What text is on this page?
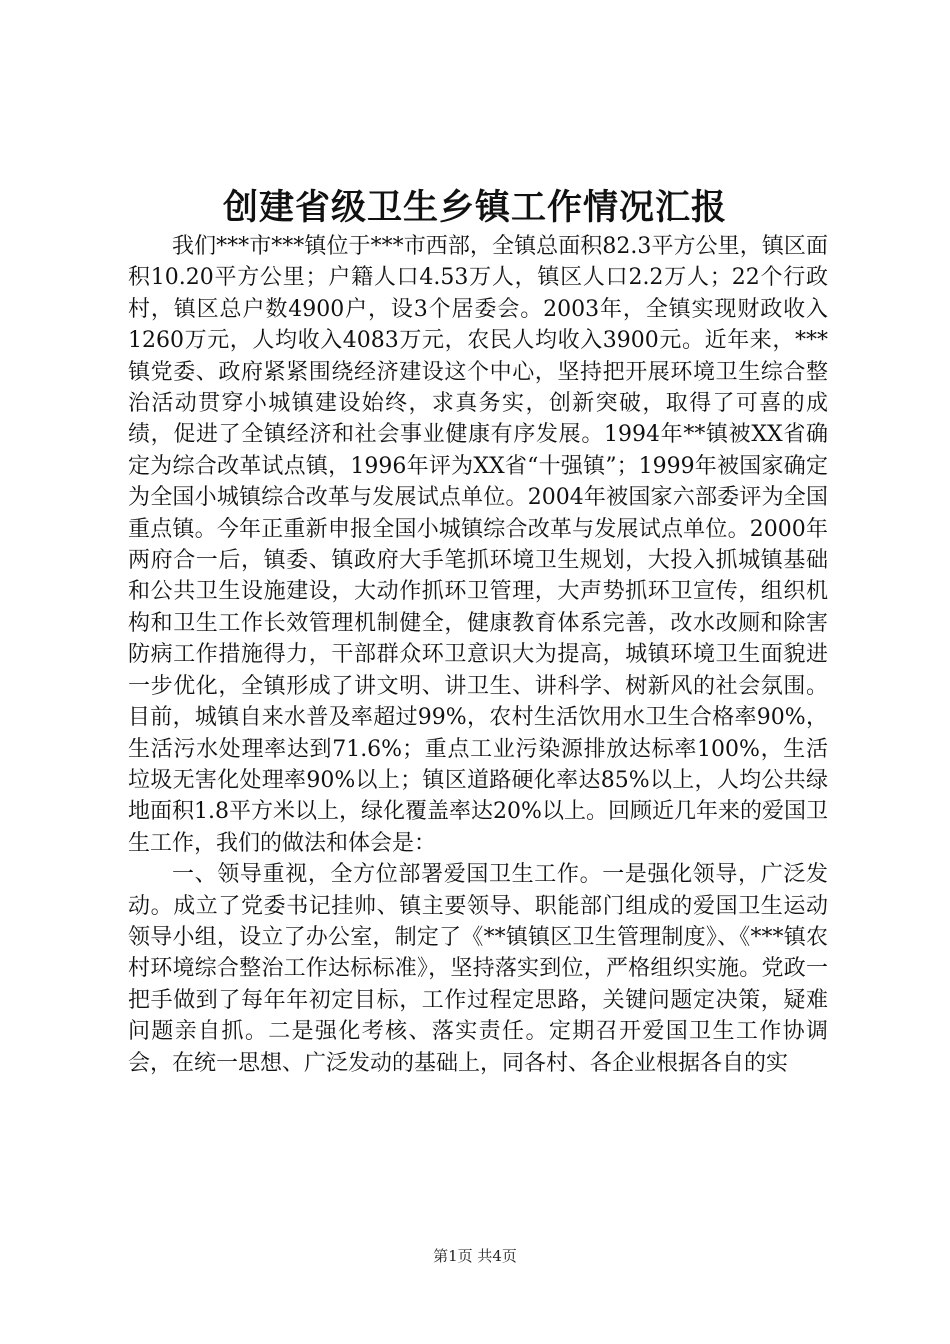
创建省级卫生乡镇工作情况汇报

我们***市***镇位于***市西部，全镇总面积82.3平方公里，镇区面积10.20平方公里；户籍人口4.53万人，镇区人口2.2万人；22个行政村，镇区总户数4900户，设3个居委会。2003年，全镇实现财政收入1260万元，人均收入4083万元，农民人均收入3900元。近年来，***镇党委、政府紧紧围绕经济建设这个中心，坚持把开展环境卫生综合整治活动贯穿小城镇建设始终，求真务实，创新突破，取得了可喜的成绩，促进了全镇经济和社会事业健康有序发展。1994年**镇被XX省确定为综合改革试点镇，1996年评为XX省“十强镇”；1999年被国家确定为全国小城镇综合改革与发展试点单位。2004年被国家六部委评为全国重点镇。今年正重新申报全国小城镇综合改革与发展试点单位。2000年两府合一后，镇委、镇政府大手笔抓环境卫生规划，大投入抓城镇基础和公共卫生设施建设，大动作抓环卫管理，大声势抓环卫宣传，组织机构和卫生工作长效管理机制健全，健康教育体系完善，改水改厕和除害防病工作措施得力，干部群众环卫意识大为提高，城镇环境卫生面貌进一步优化，全镇形成了讲文明、讲卫生、讲科学、树新风的社会氛围。目前，城镇自来水普及率超过99%，农村生活饮用水卫生合格率90%，生活污水处理率达到71.6%；重点工业污染源排放达标率100%，生活垃圾无害化处理率90%以上；镇区道路硬化率达85%以上，人均公共绿地面积1.8平方米以上，绿化覆盖率达20%以上。回顾近几年来的爱国卫生工作，我们的做法和体会是：

一、领导重视，全方位部署爱国卫生工作。一是强化领导，广泛发动。成立了党委书记挂帅、镇主要领导、职能部门组成的爱国卫生运动领导小组，设立了办公室，制定了《**镇镇区卫生管理制度》、《***镇农村环境综合整治工作达标标准》，坚持落实到位，严格组织实施。党政一把手做到了每年年初定目标，工作过程定思路，关键问题定决策，疑难问题亲自抓。二是强化考核、落实责任。定期召开爱国卫生工作协调会，在统一思想、广泛发动的基础上，同各村、各企业根据各自的实

第1页 共4页
